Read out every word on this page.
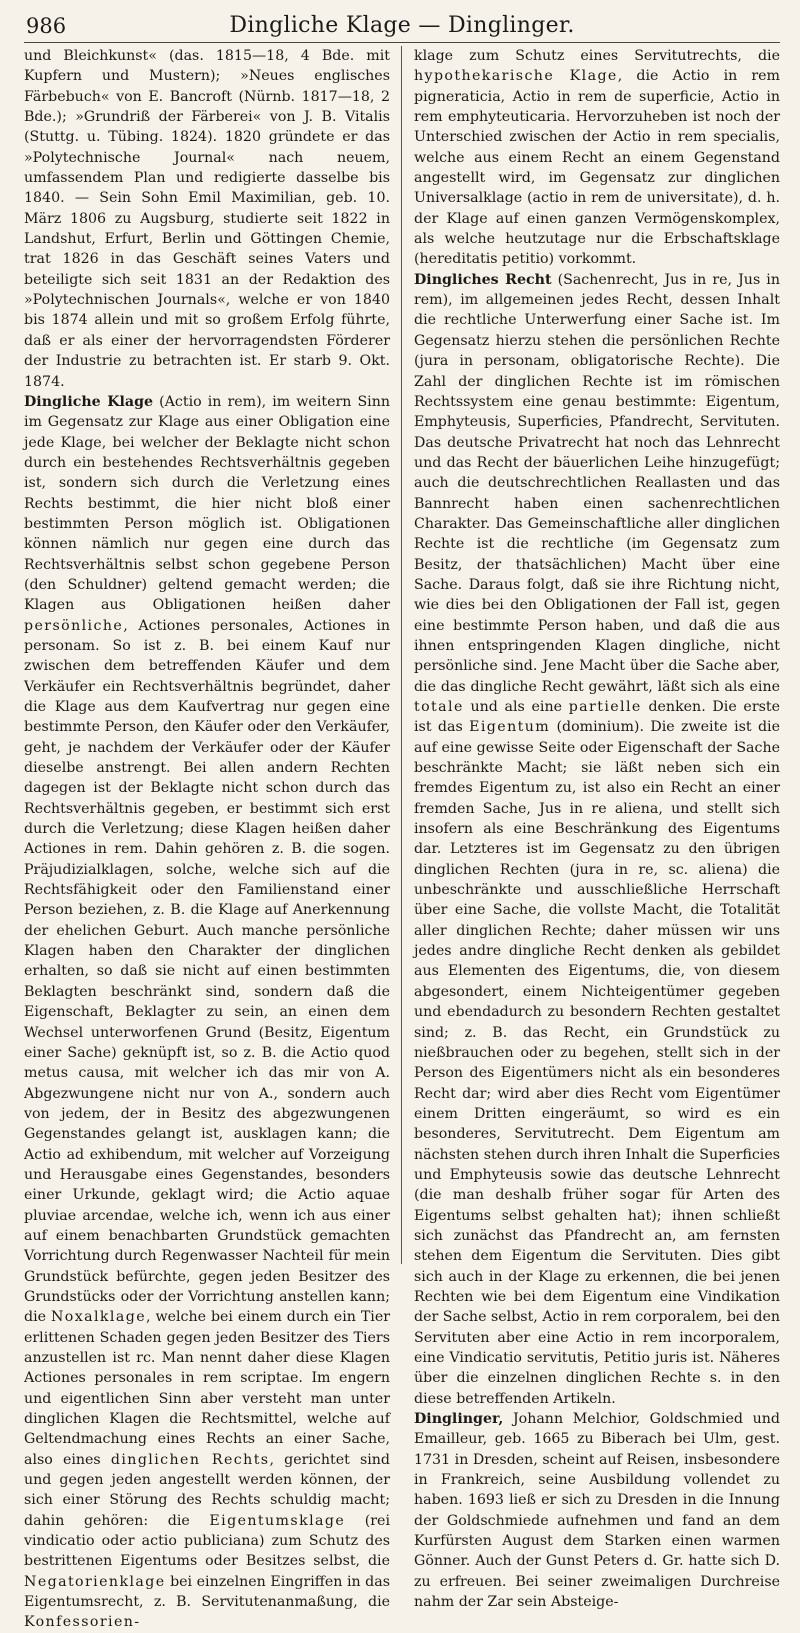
986	Dingliche Klage — Dinglinger.

und Bleichkunst« (das. 1815—18, 4 Bde. mit Kupfern und Mustern); »Neues englisches Färbebuch« von E. Bancroft (Nürnb. 1817—18, 2 Bde.); »Grundriß der Färberei« von J. B. Vitalis (Stuttg. u. Tübing. 1824). 1820 gründete er das »Polytechnische Journal« nach neuem, umfassendem Plan und redigierte dasselbe bis 1840. — Sein Sohn Emil Maximilian, geb. 10. März 1806 zu Augsburg, studierte seit 1822 in Landshut, Erfurt, Berlin und Göttingen Chemie, trat 1826 in das Geschäft seines Vaters und beteiligte sich seit 1831 an der Redaktion des »Polytechnischen Journals«, welche er von 1840 bis 1874 allein und mit so großem Erfolg führte, daß er als einer der hervorragendsten Förderer der Industrie zu betrachten ist. Er starb 9. Okt. 1874.

Dingliche Klage (Actio in rem), im weitern Sinn im Gegensatz zur Klage aus einer Obligation eine jede Klage, bei welcher der Beklagte nicht schon durch ein bestehendes Rechtsverhältnis gegeben ist, sondern sich durch die Verletzung eines Rechts bestimmt, die hier nicht bloß einer bestimmten Person möglich ist. Obligationen können nämlich nur gegen eine durch das Rechtsverhältnis selbst schon gegebene Person (den Schuldner) geltend gemacht werden; die Klagen aus Obligationen heißen daher persönliche, Actiones personales, Actiones in personam. So ist z. B. bei einem Kauf nur zwischen dem betreffenden Käufer und dem Verkäufer ein Rechtsverhältnis begründet, daher die Klage aus dem Kaufvertrag nur gegen eine bestimmte Person, den Käufer oder den Verkäufer, geht, je nachdem der Verkäufer oder der Käufer dieselbe anstrengt. Bei allen andern Rechten dagegen ist der Beklagte nicht schon durch das Rechtsverhältnis gegeben, er bestimmt sich erst durch die Verletzung; diese Klagen heißen daher Actiones in rem. Dahin gehören z. B. die sogen. Präjudizialklagen, solche, welche sich auf die Rechtsfähigkeit oder den Familienstand einer Person beziehen, z. B. die Klage auf Anerkennung der ehelichen Geburt. Auch manche persönliche Klagen haben den Charakter der dinglichen erhalten, so daß sie nicht auf einen bestimmten Beklagten beschränkt sind, sondern daß die Eigenschaft, Beklagter zu sein, an einen dem Wechsel unterworfenen Grund (Besitz, Eigentum einer Sache) geknüpft ist, so z. B. die Actio quod metus causa, mit welcher ich das mir von A. Abgezwungene nicht nur von A., sondern auch von jedem, der in Besitz des abgezwungenen Gegenstandes gelangt ist, ausklagen kann; die Actio ad exhibendum, mit welcher auf Vorzeigung und Herausgabe eines Gegenstandes, besonders einer Urkunde, geklagt wird; die Actio aquae pluviae arcendae, welche ich, wenn ich aus einer auf einem benachbarten Grundstück gemachten Vorrichtung durch Regenwasser Nachteil für mein Grundstück befürchte, gegen jeden Besitzer des Grundstücks oder der Vorrichtung anstellen kann; die Noxalklage, welche bei einem durch ein Tier erlittenen Schaden gegen jeden Besitzer des Tiers anzustellen ist rc. Man nennt daher diese Klagen Actiones personales in rem scriptae. Im engern und eigentlichen Sinn aber versteht man unter dinglichen Klagen die Rechtsmittel, welche auf Geltendmachung eines Rechts an einer Sache, also eines dinglichen Rechts, gerichtet sind und gegen jeden angestellt werden können, der sich einer Störung des Rechts schuldig macht; dahin gehören: die Eigentumsklage (rei vindicatio oder actio publiciana) zum Schutz des bestrittenen Eigentums oder Besitzes selbst, die Negatorienklage bei einzelnen Eingriffen in das Eigentumsrecht, z. B. Servitutenanmaßung, die Konfessorien-

klage zum Schutz eines Servitutrechts, die hypothekarische Klage, die Actio in rem pigneraticia, Actio in rem de superficie, Actio in rem emphyteuticaria. Hervorzuheben ist noch der Unterschied zwischen der Actio in rem specialis, welche aus einem Recht an einem Gegenstand angestellt wird, im Gegensatz zur dinglichen Universalklage (actio in rem de universitate), d. h. der Klage auf einen ganzen Vermögenskomplex, als welche heutzutage nur die Erbschaftsklage (hereditatis petitio) vorkommt.

Dingliches Recht (Sachenrecht, Jus in re, Jus in rem), im allgemeinen jedes Recht, dessen Inhalt die rechtliche Unterwerfung einer Sache ist. Im Gegensatz hierzu stehen die persönlichen Rechte (jura in personam, obligatorische Rechte). Die Zahl der dinglichen Rechte ist im römischen Rechtssystem eine genau bestimmte: Eigentum, Emphyteusis, Superficies, Pfandrecht, Servituten. Das deutsche Privatrecht hat noch das Lehnrecht und das Recht der bäuerlichen Leihe hinzugefügt; auch die deutschrechtlichen Reallasten und das Bannrecht haben einen sachenrechtlichen Charakter. Das Gemeinschaftliche aller dinglichen Rechte ist die rechtliche (im Gegensatz zum Besitz, der thatsächlichen) Macht über eine Sache. Daraus folgt, daß sie ihre Richtung nicht, wie dies bei den Obligationen der Fall ist, gegen eine bestimmte Person haben, und daß die aus ihnen entspringenden Klagen dingliche, nicht persönliche sind. Jene Macht über die Sache aber, die das dingliche Recht gewährt, läßt sich als eine totale und als eine partielle denken. Die erste ist das Eigentum (dominium). Die zweite ist die auf eine gewisse Seite oder Eigenschaft der Sache beschränkte Macht; sie läßt neben sich ein fremdes Eigentum zu, ist also ein Recht an einer fremden Sache, Jus in re aliena, und stellt sich insofern als eine Beschränkung des Eigentums dar. Letzteres ist im Gegensatz zu den übrigen dinglichen Rechten (jura in re, sc. aliena) die unbeschränkte und ausschließliche Herrschaft über eine Sache, die vollste Macht, die Totalität aller dinglichen Rechte; daher müssen wir uns jedes andre dingliche Recht denken als gebildet aus Elementen des Eigentums, die, von diesem abgesondert, einem Nichteigentümer gegeben und ebendadurch zu besondern Rechten gestaltet sind; z. B. das Recht, ein Grundstück zu nießbrauchen oder zu begehen, stellt sich in der Person des Eigentümers nicht als ein besonderes Recht dar; wird aber dies Recht vom Eigentümer einem Dritten eingeräumt, so wird es ein besonderes, Servitutrecht. Dem Eigentum am nächsten stehen durch ihren Inhalt die Superficies und Emphyteusis sowie das deutsche Lehnrecht (die man deshalb früher sogar für Arten des Eigentums selbst gehalten hat); ihnen schließt sich zunächst das Pfandrecht an, am fernsten stehen dem Eigentum die Servituten. Dies gibt sich auch in der Klage zu erkennen, die bei jenen Rechten wie bei dem Eigentum eine Vindikation der Sache selbst, Actio in rem corporalem, bei den Servituten aber eine Actio in rem incorporalem, eine Vindicatio servitutis, Petitio juris ist. Näheres über die einzelnen dinglichen Rechte s. in den diese betreffenden Artikeln.

Dinglinger, Johann Melchior, Goldschmied und Emailleur, geb. 1665 zu Biberach bei Ulm, gest. 1731 in Dresden, scheint auf Reisen, insbesondere in Frankreich, seine Ausbildung vollendet zu haben. 1693 ließ er sich zu Dresden in die Innung der Goldschmiede aufnehmen und fand an dem Kurfürsten August dem Starken einen warmen Gönner. Auch der Gunst Peters d. Gr. hatte sich D. zu erfreuen. Bei seiner zweimaligen Durchreise nahm der Zar sein Absteige-
